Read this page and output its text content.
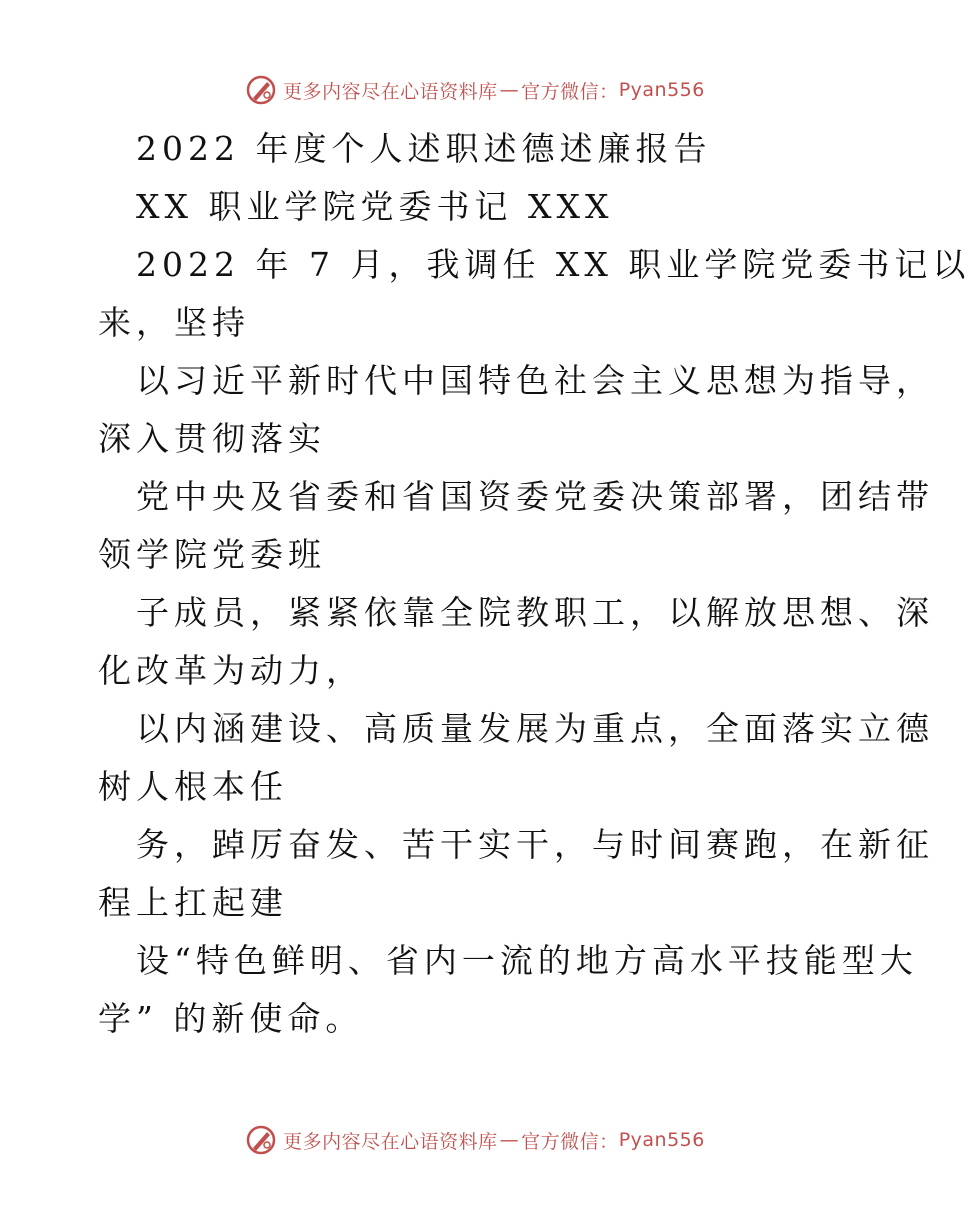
更多内容尽在心语资料库 — 官方微信： Pyan556
2022 年度个人述职述德述廉报告
XX 职业学院党委书记 XXX
2022 年 7 月，我调任 XX 职业学院党委书记以
来，坚持
以习近平新时代中国特色社会主义思想为指导，
深入贯彻落实
党中央及省委和省国资委党委决策部署，团结带
领学院党委班
子成员，紧紧依靠全院教职工，以解放思想、深
化改革为动力，
以内涵建设、高质量发展为重点，全面落实立德
树人根本任
务，踔厉奋发、苦干实干，与时间赛跑，在新征
程上扛起建
设“特色鲜明、省内一流的地方高水平技能型大
学” 的新使命。
更多内容尽在心语资料库 — 官方微信： Pyan556
